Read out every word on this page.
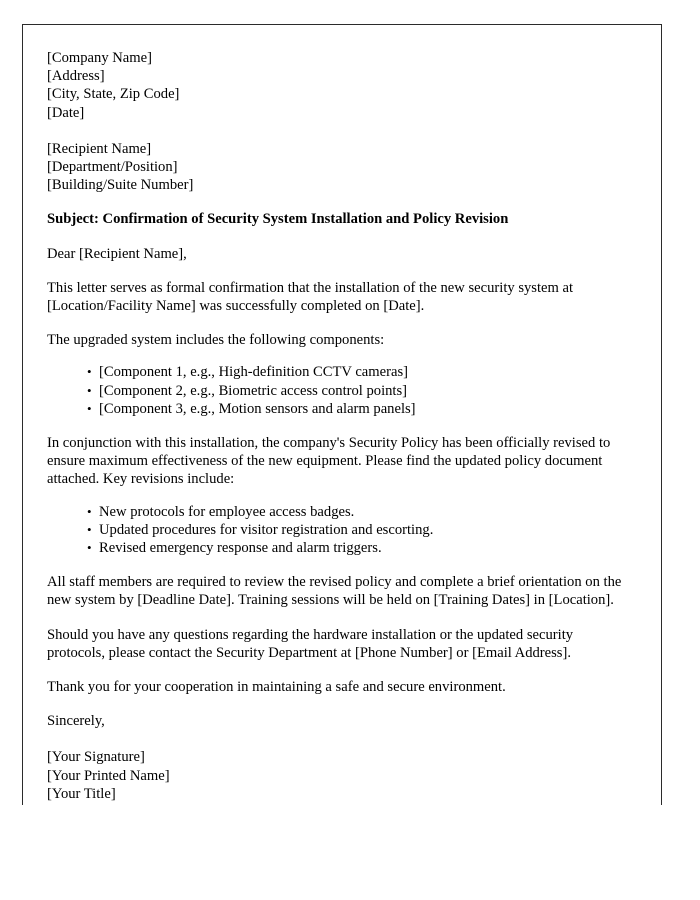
[Company Name]
[Address]
[City, State, Zip Code]
[Date]
[Recipient Name]
[Department/Position]
[Building/Suite Number]
Subject: Confirmation of Security System Installation and Policy Revision

Dear [Recipient Name],

This letter serves as formal confirmation that the installation of the new security system at [Location/Facility Name] was successfully completed on [Date].

The upgraded system includes the following components:

• [Component 1, e.g., High-definition CCTV cameras]
• [Component 2, e.g., Biometric access control points]
• [Component 3, e.g., Motion sensors and alarm panels]

In conjunction with this installation, the company's Security Policy has been officially revised to ensure maximum effectiveness of the new equipment. Please find the updated policy document attached. Key revisions include:

• New protocols for employee access badges.
• Updated procedures for visitor registration and escorting.
• Revised emergency response and alarm triggers.

All staff members are required to review the revised policy and complete a brief orientation on the new system by [Deadline Date]. Training sessions will be held on [Training Dates] in [Location].

Should you have any questions regarding the hardware installation or the updated security protocols, please contact the Security Department at [Phone Number] or [Email Address].

Thank you for your cooperation in maintaining a safe and secure environment.

Sincerely,
[Your Signature]
[Your Printed Name]
[Your Title]
